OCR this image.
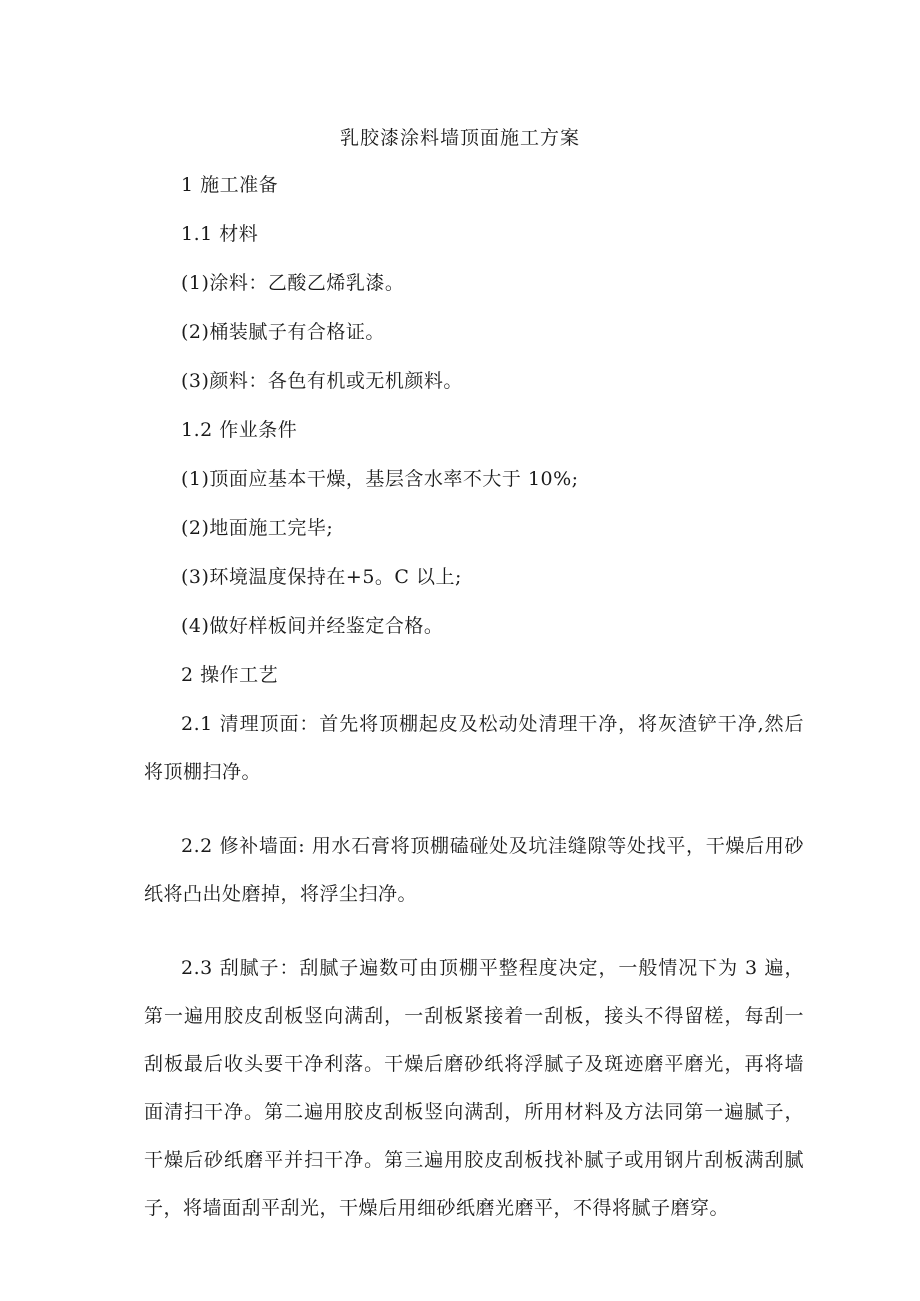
乳胶漆涂料墙顶面施工方案
1 施工准备
1.1 材料
(1)涂料：乙酸乙烯乳漆。
(2)桶装腻子有合格证。
(3)颜料：各色有机或无机颜料。
1.2 作业条件
(1)顶面应基本干燥，基层含水率不大于 10%;
(2)地面施工完毕;
(3)环境温度保持在+5。C 以上;
(4)做好样板间并经鉴定合格。
2 操作工艺
2.1 清理顶面：首先将顶棚起皮及松动处清理干净，将灰渣铲干净,然后将顶棚扫净。
2.2 修补墙面: 用水石膏将顶棚磕碰处及坑洼缝隙等处找平，干燥后用砂纸将凸出处磨掉，将浮尘扫净。
2.3 刮腻子：刮腻子遍数可由顶棚平整程度决定，一般情况下为 3 遍，第一遍用胶皮刮板竖向满刮，一刮板紧接着一刮板，接头不得留槎，每刮一刮板最后收头要干净利落。干燥后磨砂纸将浮腻子及斑迹磨平磨光，再将墙面清扫干净。第二遍用胶皮刮板竖向满刮，所用材料及方法同第一遍腻子，干燥后砂纸磨平并扫干净。第三遍用胶皮刮板找补腻子或用钢片刮板满刮腻子，将墙面刮平刮光，干燥后用细砂纸磨光磨平，不得将腻子磨穿。
